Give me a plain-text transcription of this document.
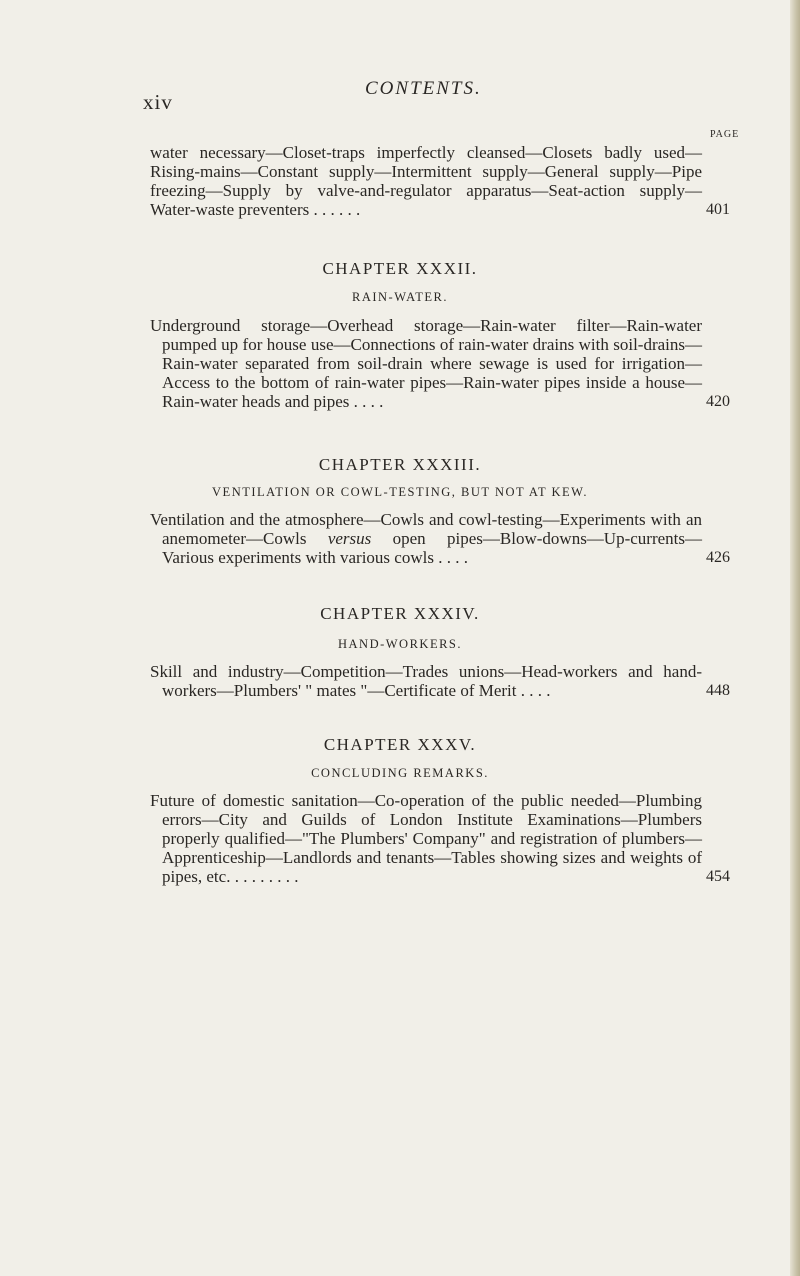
xiv
CONTENTS.
PAGE
water necessary—Closet-traps imperfectly cleansed—Closets badly used—Rising-mains—Constant supply—Intermittent supply—General supply—Pipe freezing—Supply by valve-and-regulator apparatus—Seat-action supply—Water-waste preventers . . . . . .	401
CHAPTER XXXII.
RAIN-WATER.
Underground storage—Overhead storage—Rain-water filter—Rain-water pumped up for house use—Connections of rain-water drains with soil-drains—Rain-water separated from soil-drain where sewage is used for irrigation—Access to the bottom of rain-water pipes—Rain-water pipes inside a house—Rain-water heads and pipes . . . .	420
CHAPTER XXXIII.
VENTILATION OR COWL-TESTING, BUT NOT AT KEW.
Ventilation and the atmosphere—Cowls and cowl-testing—Experiments with an anemometer—Cowls versus open pipes—Blow-downs—Up-currents—Various experiments with various cowls . . . .	426
CHAPTER XXXIV.
HAND-WORKERS.
Skill and industry—Competition—Trades unions—Head-workers and hand-workers—Plumbers' " mates "—Certificate of Merit . . . .	448
CHAPTER XXXV.
CONCLUDING REMARKS.
Future of domestic sanitation—Co-operation of the public needed—Plumbing errors—City and Guilds of London Institute Examinations—Plumbers properly qualified—"The Plumbers' Company" and registration of plumbers—Apprenticeship—Landlords and tenants—Tables showing sizes and weights of pipes, etc. . . . . . . . .	454
